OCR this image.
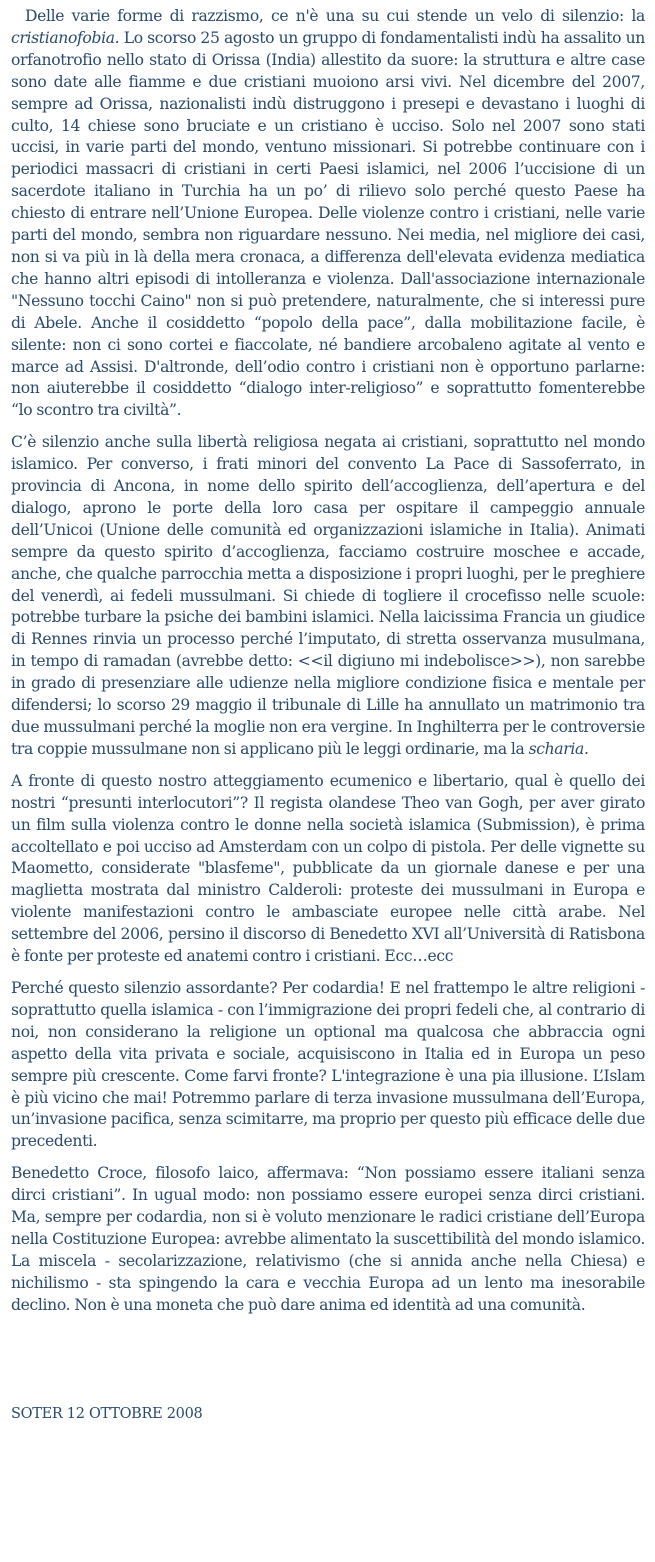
Delle varie forme di razzismo, ce n'è una su cui stende un velo di silenzio: la cristianofobia. Lo scorso 25 agosto un gruppo di fondamentalisti indù ha assalito un orfanotrofio nello stato di Orissa (India) allestito da suore: la struttura e altre case sono date alle fiamme e due cristiani muoiono arsi vivi. Nel dicembre del 2007, sempre ad Orissa, nazionalisti indù distruggono i presepi e devastano i luoghi di culto, 14 chiese sono bruciate e un cristiano è ucciso. Solo nel 2007 sono stati uccisi, in varie parti del mondo, ventuno missionari. Si potrebbe continuare con i periodici massacri di cristiani in certi Paesi islamici, nel 2006 l’uccisione di un sacerdote italiano in Turchia ha un po’ di rilievo solo perché questo Paese ha chiesto di entrare nell’Unione Europea. Delle violenze contro i cristiani, nelle varie parti del mondo, sembra non riguardare nessuno. Nei media, nel migliore dei casi, non si va più in là della mera cronaca, a differenza dell'elevata evidenza mediatica che hanno altri episodi di intolleranza e violenza. Dall'associazione internazionale "Nessuno tocchi Caino" non si può pretendere, naturalmente, che si interessi pure di Abele. Anche il cosiddetto “popolo della pace”, dalla mobilitazione facile, è silente: non ci sono cortei e fiaccolate, né bandiere arcobaleno agitate al vento e marce ad Assisi. D'altronde, dell’odio contro i cristiani non è opportuno parlarne: non aiuterebbe il cosiddetto “dialogo inter-religioso” e soprattutto fomenterebbe “lo scontro tra civiltà”.

C’è silenzio anche sulla libertà religiosa negata ai cristiani, soprattutto nel mondo islamico. Per converso, i frati minori del convento La Pace di Sassoferrato, in provincia di Ancona, in nome dello spirito dell’accoglienza, dell’apertura e del dialogo, aprono le porte della loro casa per ospitare il campeggio annuale dell’Unicoi (Unione delle comunità ed organizzazioni islamiche in Italia). Animati sempre da questo spirito d’accoglienza, facciamo costruire moschee e accade, anche, che qualche parrocchia metta a disposizione i propri luoghi, per le preghiere del venerdì, ai fedeli mussulmani. Si chiede di togliere il crocefisso nelle scuole: potrebbe turbare la psiche dei bambini islamici. Nella laicissima Francia un giudice di Rennes rinvia un processo perché l’imputato, di stretta osservanza musulmana, in tempo di ramadan (avrebbe detto: <<il digiuno mi indebolisce>>), non sarebbe in grado di presenziare alle udienze nella migliore condizione fisica e mentale per difendersi; lo scorso 29 maggio il tribunale di Lille ha annullato un matrimonio tra due mussulmani perché la moglie non era vergine. In Inghilterra per le controversie tra coppie mussulmane non si applicano più le leggi ordinarie, ma la scharia.

A fronte di questo nostro atteggiamento ecumenico e libertario, qual è quello dei nostri “presunti interlocutori”? Il regista olandese Theo van Gogh, per aver girato un film sulla violenza contro le donne nella società islamica (Submission), è prima accoltellato e poi ucciso ad Amsterdam con un colpo di pistola. Per delle vignette su Maometto, considerate "blasfeme", pubblicate da un giornale danese e per una maglietta mostrata dal ministro Calderoli: proteste dei mussulmani in Europa e violente manifestazioni contro le ambasciate europee nelle città arabe. Nel settembre del 2006, persino il discorso di Benedetto XVI all’Università di Ratisbona è fonte per proteste ed anatemi contro i cristiani. Ecc…ecc

Perché questo silenzio assordante? Per codardia! E nel frattempo le altre religioni - soprattutto quella islamica - con l’immigrazione dei propri fedeli che, al contrario di noi, non considerano la religione un optional ma qualcosa che abbraccia ogni aspetto della vita privata e sociale, acquisiscono in Italia ed in Europa un peso sempre più crescente. Come farvi fronte? L'integrazione è una pia illusione. L’Islam è più vicino che mai! Potremmo parlare di terza invasione mussulmana dell’Europa, un’invasione pacifica, senza scimitarre, ma proprio per questo più efficace delle due precedenti.

Benedetto Croce, filosofo laico, affermava: “Non possiamo essere italiani senza dirci cristiani”. In ugual modo: non possiamo essere europei senza dirci cristiani. Ma, sempre per codardia, non si è voluto menzionare le radici cristiane dell’Europa nella Costituzione Europea: avrebbe alimentato la suscettibilità del mondo islamico. La miscela - secolarizzazione, relativismo (che si annida anche nella Chiesa) e nichilismo - sta spingendo la cara e vecchia Europa ad un lento ma inesorabile declino. Non è una moneta che può dare anima ed identità ad una comunità.

SOTER 12 OTTOBRE 2008
